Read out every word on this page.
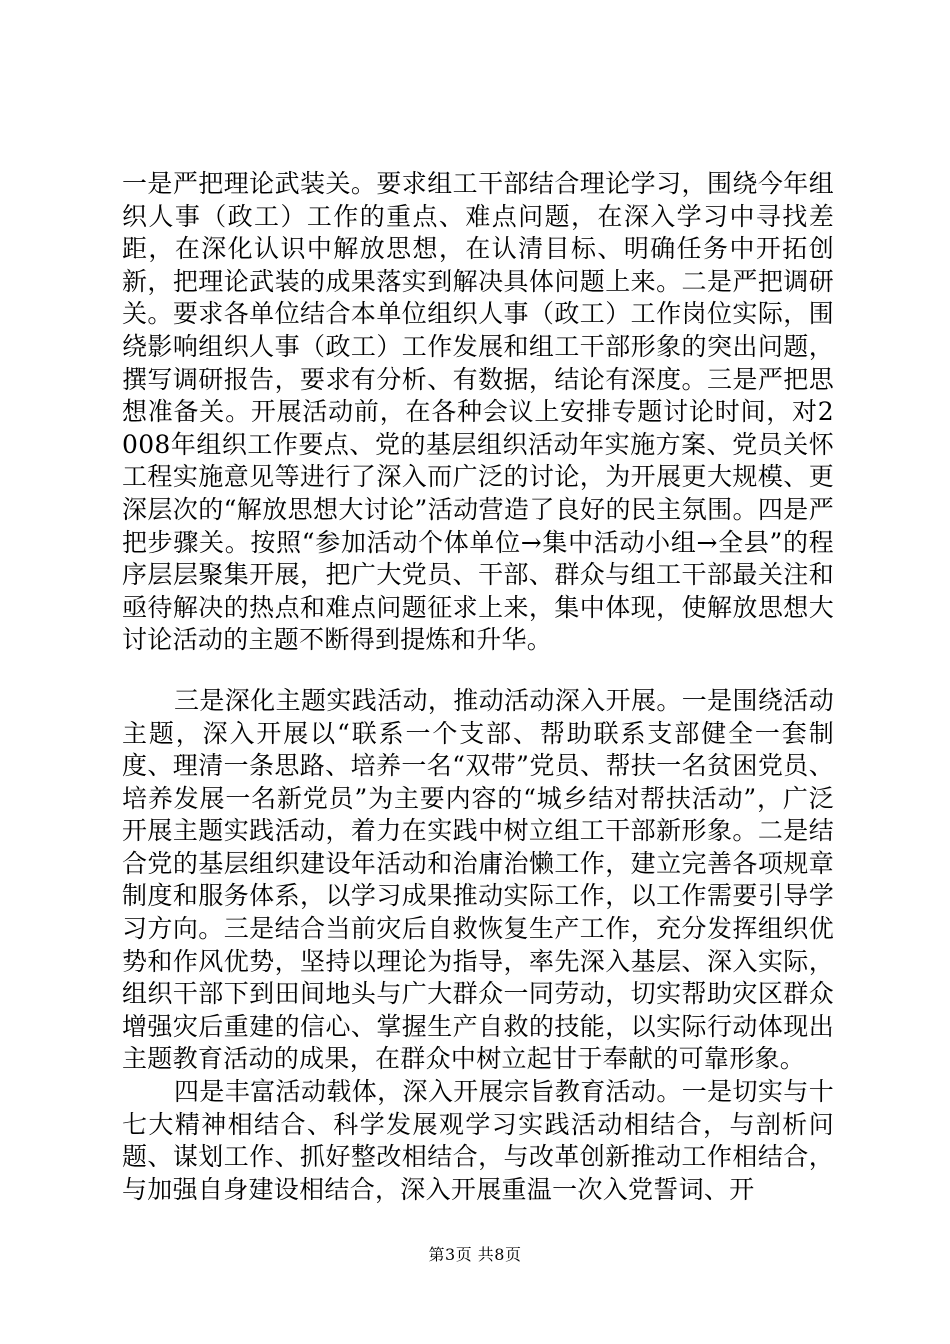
一是严把理论武装关。要求组工干部结合理论学习，围绕今年组织人事（政工）工作的重点、难点问题，在深入学习中寻找差距，在深化认识中解放思想，在认清目标、明确任务中开拓创新，把理论武装的成果落实到解决具体问题上来。二是严把调研关。要求各单位结合本单位组织人事（政工）工作岗位实际，围绕影响组织人事（政工）工作发展和组工干部形象的突出问题，撰写调研报告，要求有分析、有数据，结论有深度。三是严把思想准备关。开展活动前，在各种会议上安排专题讨论时间，对2008年组织工作要点、党的基层组织活动年实施方案、党员关怀工程实施意见等进行了深入而广泛的讨论，为开展更大规模、更深层次的“解放思想大讨论”活动营造了良好的民主氛围。四是严把步骤关。按照“参加活动个体单位→集中活动小组→全县”的程序层层聚集开展，把广大党员、干部、群众与组工干部最关注和亟待解决的热点和难点问题征求上来，集中体现，使解放思想大讨论活动的主题不断得到提炼和升华。

三是深化主题实践活动，推动活动深入开展。一是围绕活动主题，深入开展以“联系一个支部、帮助联系支部健全一套制度、理清一条思路、培养一名“双带”党员、帮扶一名贫困党员、培养发展一名新党员”为主要内容的“城乡结对帮扶活动”，广泛开展主题实践活动，着力在实践中树立组工干部新形象。二是结合党的基层组织建设年活动和治庸治懒工作，建立完善各项规章制度和服务体系，以学习成果推动实际工作，以工作需要引导学习方向。三是结合当前灾后自救恢复生产工作，充分发挥组织优势和作风优势，坚持以理论为指导，率先深入基层、深入实际，组织干部下到田间地头与广大群众一同劳动，切实帮助灾区群众增强灾后重建的信心、掌握生产自救的技能，以实际行动体现出主题教育活动的成果，在群众中树立起甘于奉献的可靠形象。

四是丰富活动载体，深入开展宗旨教育活动。一是切实与十七大精神相结合、科学发展观学习实践活动相结合，与剖析问题、谋划工作、抓好整改相结合，与改革创新推动工作相结合，与加强自身建设相结合，深入开展重温一次入党誓词、开

第3页 共8页
